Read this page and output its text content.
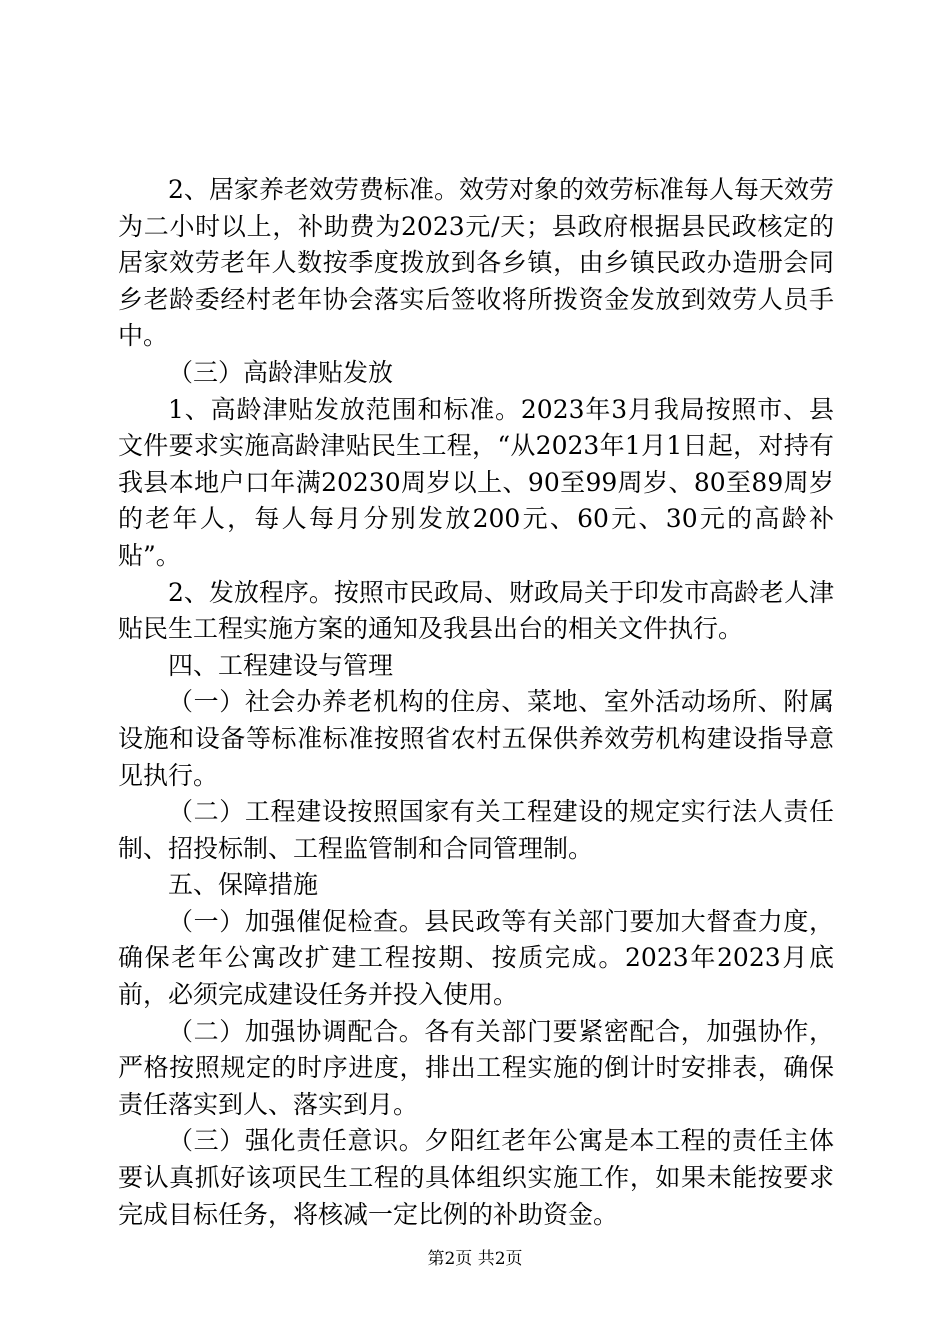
2、居家养老效劳费标准。效劳对象的效劳标准每人每天效劳为二小时以上，补助费为2023元/天；县政府根据县民政核定的居家效劳老年人数按季度拨放到各乡镇，由乡镇民政办造册会同乡老龄委经村老年协会落实后签收将所拨资金发放到效劳人员手中。

（三）高龄津贴发放

1、高龄津贴发放范围和标准。2023年3月我局按照市、县文件要求实施高龄津贴民生工程，“从2023年1月1日起，对持有我县本地户口年满20230周岁以上、90至99周岁、80至89周岁的老年人，每人每月分别发放200元、60元、30元的高龄补贴”。

2、发放程序。按照市民政局、财政局关于印发市高龄老人津贴民生工程实施方案的通知及我县出台的相关文件执行。

四、工程建设与管理

（一）社会办养老机构的住房、菜地、室外活动场所、附属设施和设备等标准标准按照省农村五保供养效劳机构建设指导意见执行。

（二）工程建设按照国家有关工程建设的规定实行法人责任制、招投标制、工程监管制和合同管理制。

五、保障措施

（一）加强催促检查。县民政等有关部门要加大督查力度，确保老年公寓改扩建工程按期、按质完成。2023年2023月底前，必须完成建设任务并投入使用。

（二）加强协调配合。各有关部门要紧密配合，加强协作，严格按照规定的时序进度，排出工程实施的倒计时安排表，确保责任落实到人、落实到月。

（三）强化责任意识。夕阳红老年公寓是本工程的责任主体要认真抓好该项民生工程的具体组织实施工作，如果未能按要求完成目标任务，将核减一定比例的补助资金。

第2页 共2页
